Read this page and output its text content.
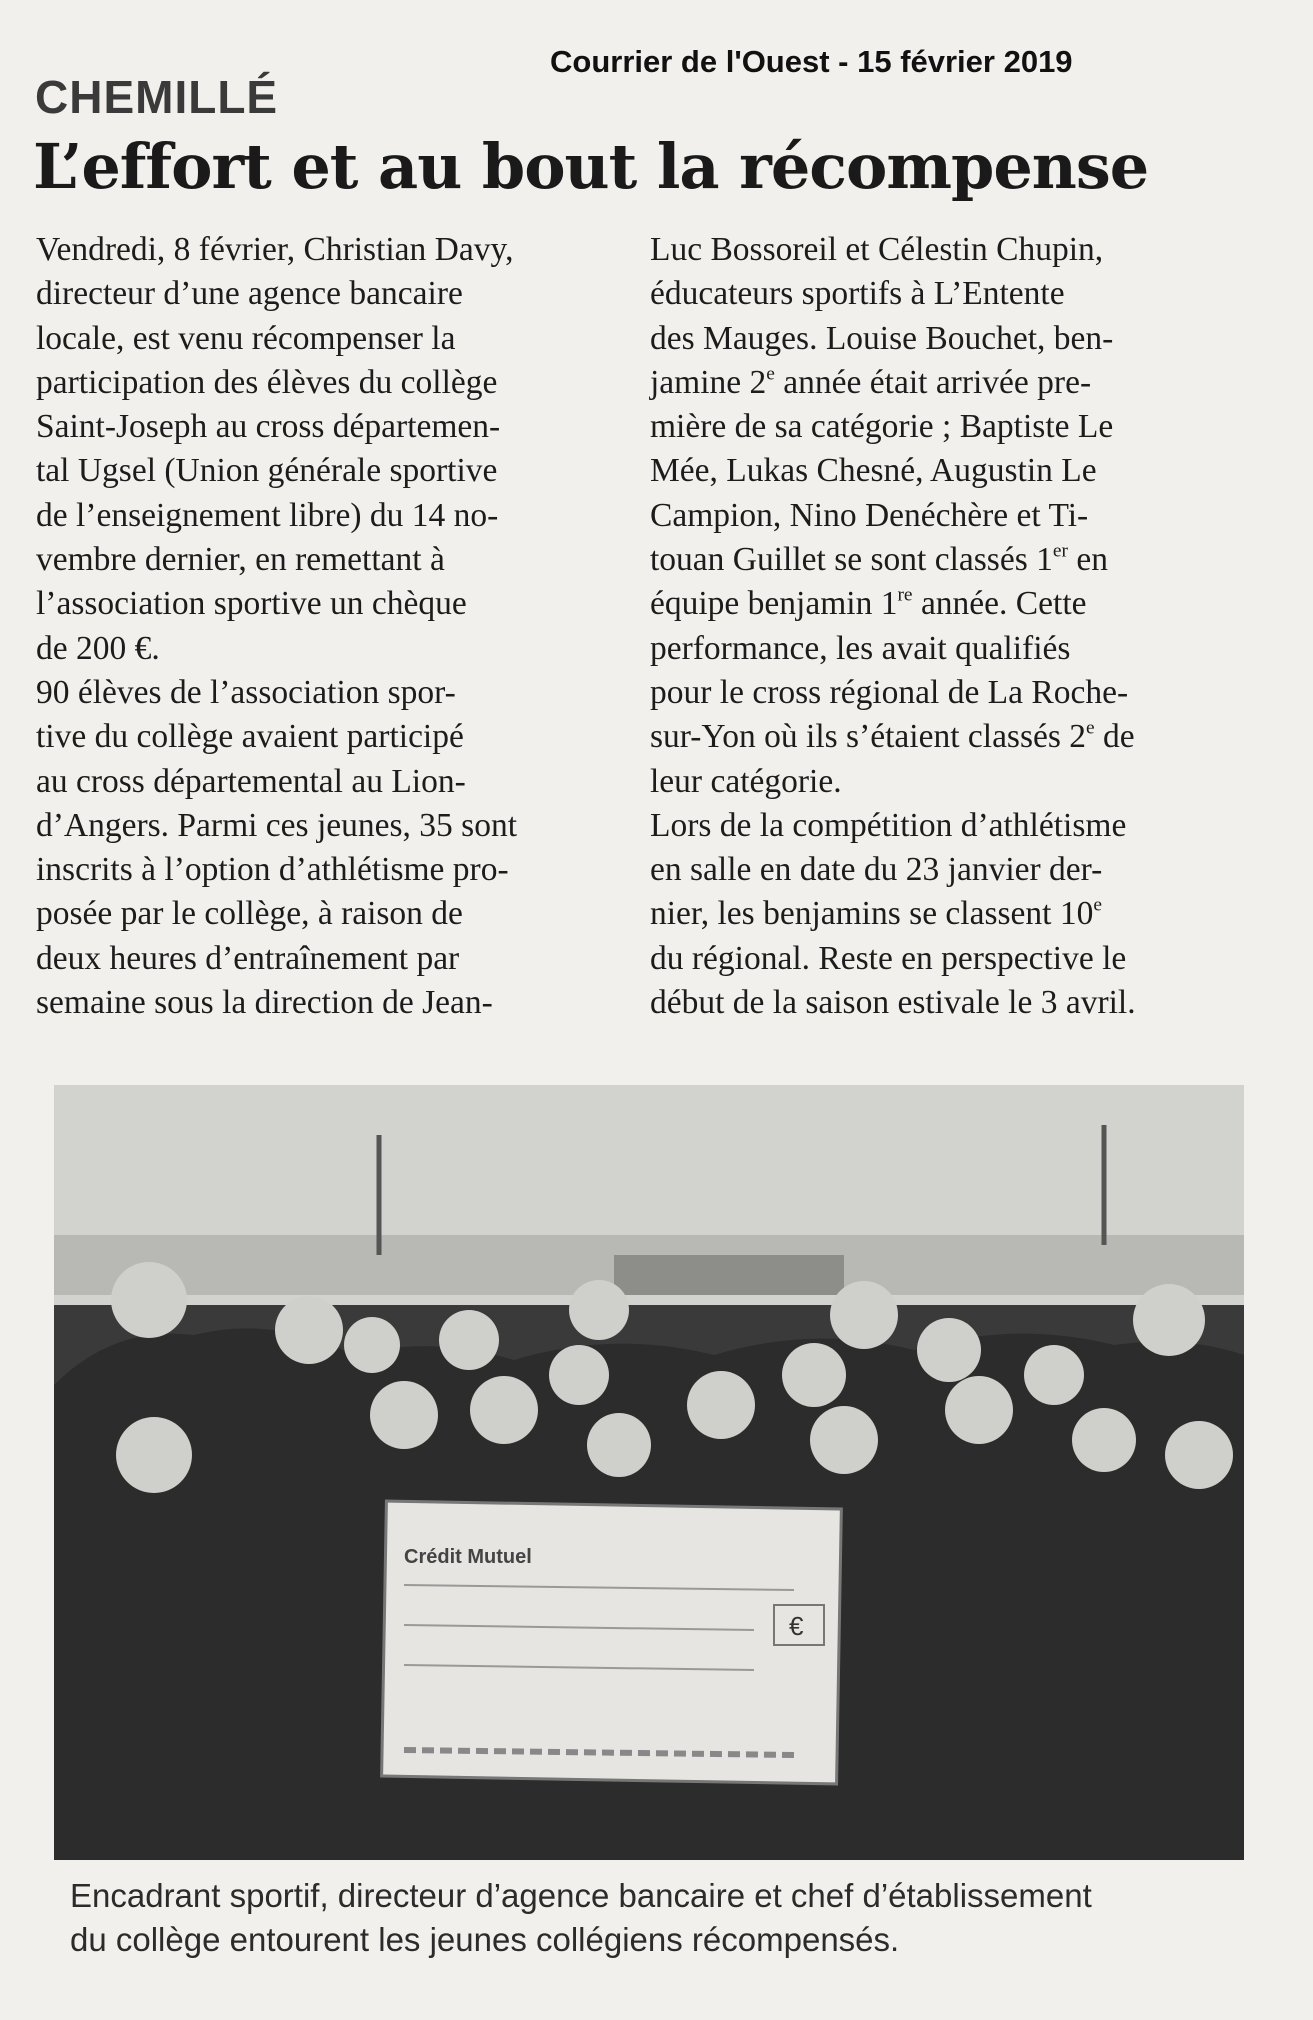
Courrier de l'Ouest - 15 février 2019
CHEMILLÉ
L’effort et au bout la récompense

Vendredi, 8 février, Christian Davy,

directeur d’une agence bancaire

locale, est venu récompenser la

participation des élèves du collège

Saint-Joseph au cross départemen-

tal Ugsel (Union générale sportive

de l’enseignement libre) du 14 no-

vembre dernier, en remettant à

l’association sportive un chèque

de 200 €.

90 élèves de l’association spor-

tive du collège avaient participé

au cross départemental au Lion-

d’Angers. Parmi ces jeunes, 35 sont

inscrits à l’option d’athlétisme pro-

posée par le collège, à raison de

deux heures d’entraînement par

semaine sous la direction de Jean-

Luc Bossoreil et Célestin Chupin,

éducateurs sportifs à L’Entente

des Mauges. Louise Bouchet, ben-

jamine 2e année était arrivée pre-

mière de sa catégorie ; Baptiste Le

Mée, Lukas Chesné, Augustin Le

Campion, Nino Denéchère et Ti-

touan Guillet se sont classés 1er en

équipe benjamin 1re année. Cette

performance, les avait qualifiés

pour le cross régional de La Roche-

sur-Yon où ils s’étaient classés 2e de

leur catégorie.

Lors de la compétition d’athlétisme

en salle en date du 23 janvier der-

nier, les benjamins se classent 10e

du régional. Reste en perspective le

début de la saison estivale le 3 avril.

Crédit Mutuel
€

Encadrant sportif, directeur d’agence bancaire et chef d’établissement

du collège entourent les jeunes collégiens récompensés.
